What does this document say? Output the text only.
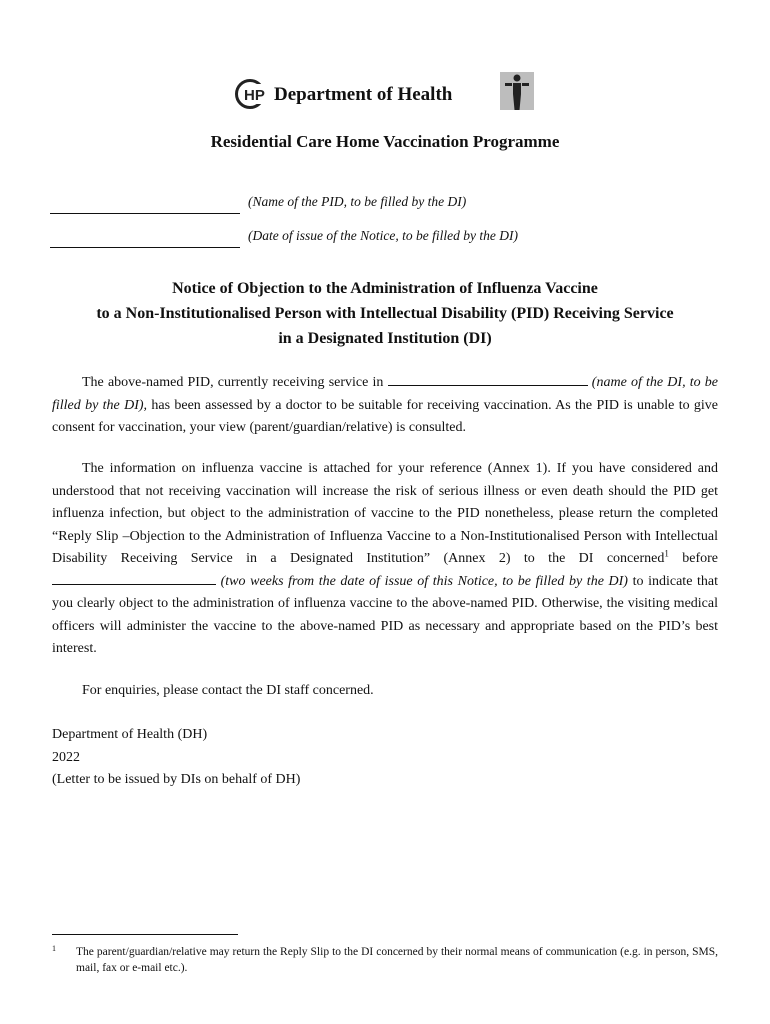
HP Department of Health
Residential Care Home Vaccination Programme
(Name of the PID, to be filled by the DI)
(Date of issue of the Notice, to be filled by the DI)
Notice of Objection to the Administration of Influenza Vaccine
to a Non-Institutionalised Person with Intellectual Disability (PID) Receiving Service
in a Designated Institution (DI)

The above-named PID, currently receiving service in	(name of the DI, to be filled by the DI), has been assessed by a doctor to be suitable for receiving vaccination. As the PID is unable to give consent for vaccination, your view (parent/guardian/relative) is consulted.

The information on influenza vaccine is attached for your reference (Annex 1). If you have considered and understood that not receiving vaccination will increase the risk of serious illness or even death should the PID get influenza infection, but object to the administration of vaccine to the PID nonetheless, please return the completed “Reply Slip –Objection to the Administration of Influenza Vaccine to a Non-Institutionalised Person with Intellectual Disability Receiving Service in a Designated Institution” (Annex 2) to the DI concerned$^1$ before  (two weeks from the date of issue of this Notice, to be filled by the DI) to indicate that you clearly object to the administration of influenza vaccine to the above-named PID. Otherwise, the visiting medical officers will administer the vaccine to the above-named PID as necessary and appropriate based on the PID’s best interest.

For enquiries, please contact the DI staff concerned.

Department of Health (DH)
2022
(Letter to be issued by DIs on behalf of DH)
1 The parent/guardian/relative may return the Reply Slip to the DI concerned by their normal means of communication (e.g. in person, SMS, mail, fax or e-mail etc.).
